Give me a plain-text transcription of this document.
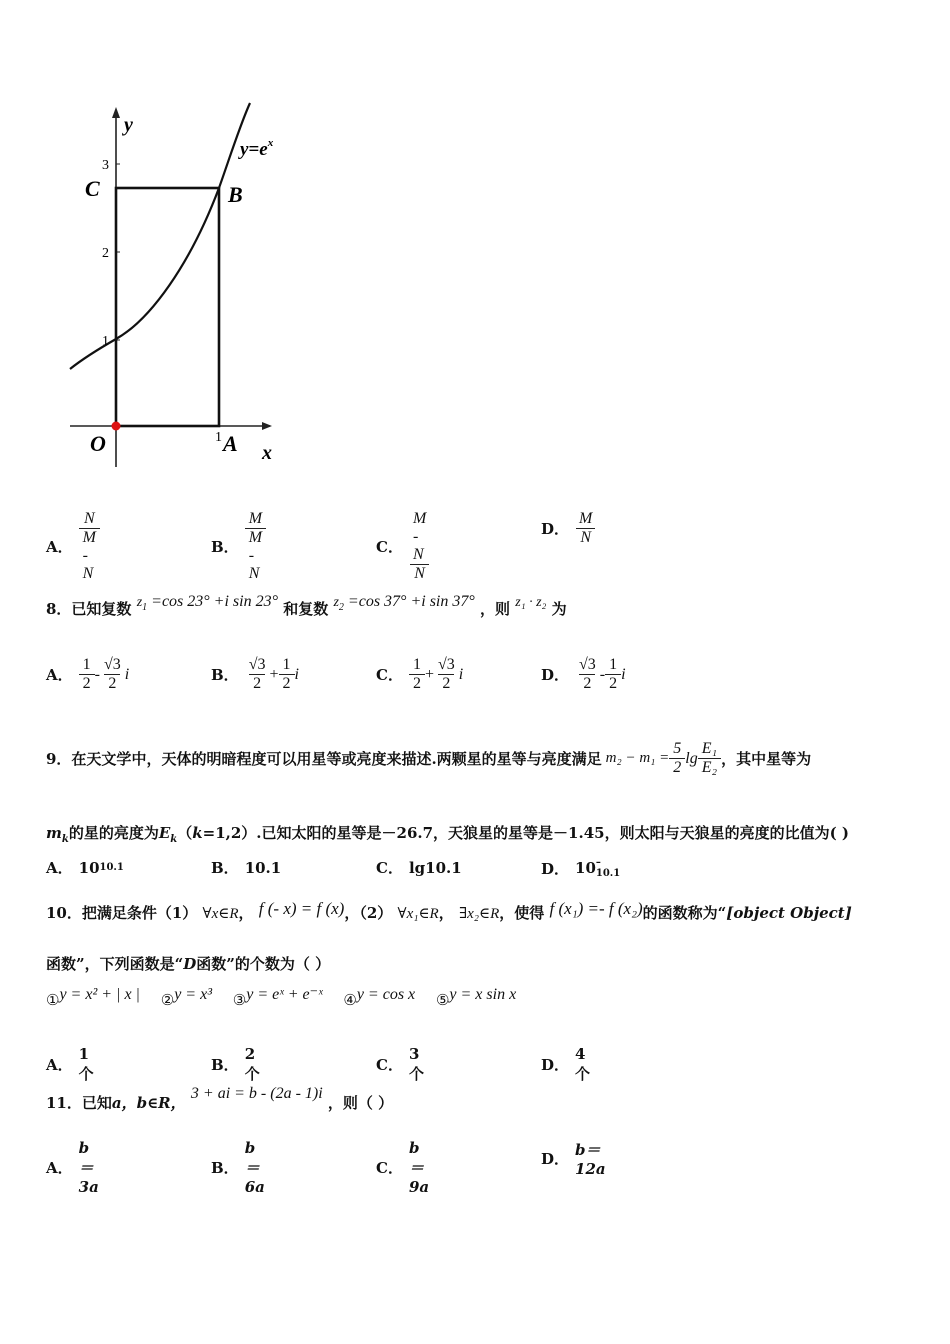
y
x
$y=e^x$
C	B
O	A
1
2
3
1
A． $\frac{N}{M - N}$	B． $\frac{M}{M - N}$	C． $\frac{M - N}{N}$	D． $\frac{M}{N}$
8．已知复数 $z_1 =\cos$ 23° +i sin 23° 和复数 $z_2 =\cos$ 37° +i sin 37° ，则 z₁ · z₂ 为
A． $\frac{1}{2} - \frac{√3}{2}$ i	B． $\frac{√3}{2} + \frac{1}{2}$ i	C． $\frac{1}{2} + \frac{√3}{2}$ i	D． $\frac{√3}{2} - \frac{1}{2}$ i
9．在天文学中，天体的明暗程度可以用星等或亮度来描述.两颗星的星等与亮度满足 $m_2 - m_1 = \frac{5}{2}$ $\lg \frac{\text{E₁}}{\text{E₂}}$ ，其中星等为
$m_k$的星的亮度为$E_k(k=1,2)$.已知太阳的星等是－26.7，天狼星的星等是－1.45，则太阳与天狼星的亮度的比值为( )
A． 10 10.1	B． 10.1	C． lg10.1	D． 10 –10.1
10．把满足条件（1） ∀x∈R， f (- x) = f (x)，（2） ∀x₁∈R， ∃x₂∈R，使得 f (x₁) =- f (x₂)的函数称为“[object Object]
函数”，下列函数是“D函数”的个数为（ ）
①y = x² + | x | ②y = x³ ③y = eˣ + e⁻ˣ ④y = cos x ⑤y = x sin x
A．
1个	B．
2个	C．
3个	D．
4个
11．已知a，b∈R， 3 + ai = b - (2a - 1)i ，则（ ）
A．
b＝3a
B．
b＝6a
C．
b＝9a
D． b＝12a
